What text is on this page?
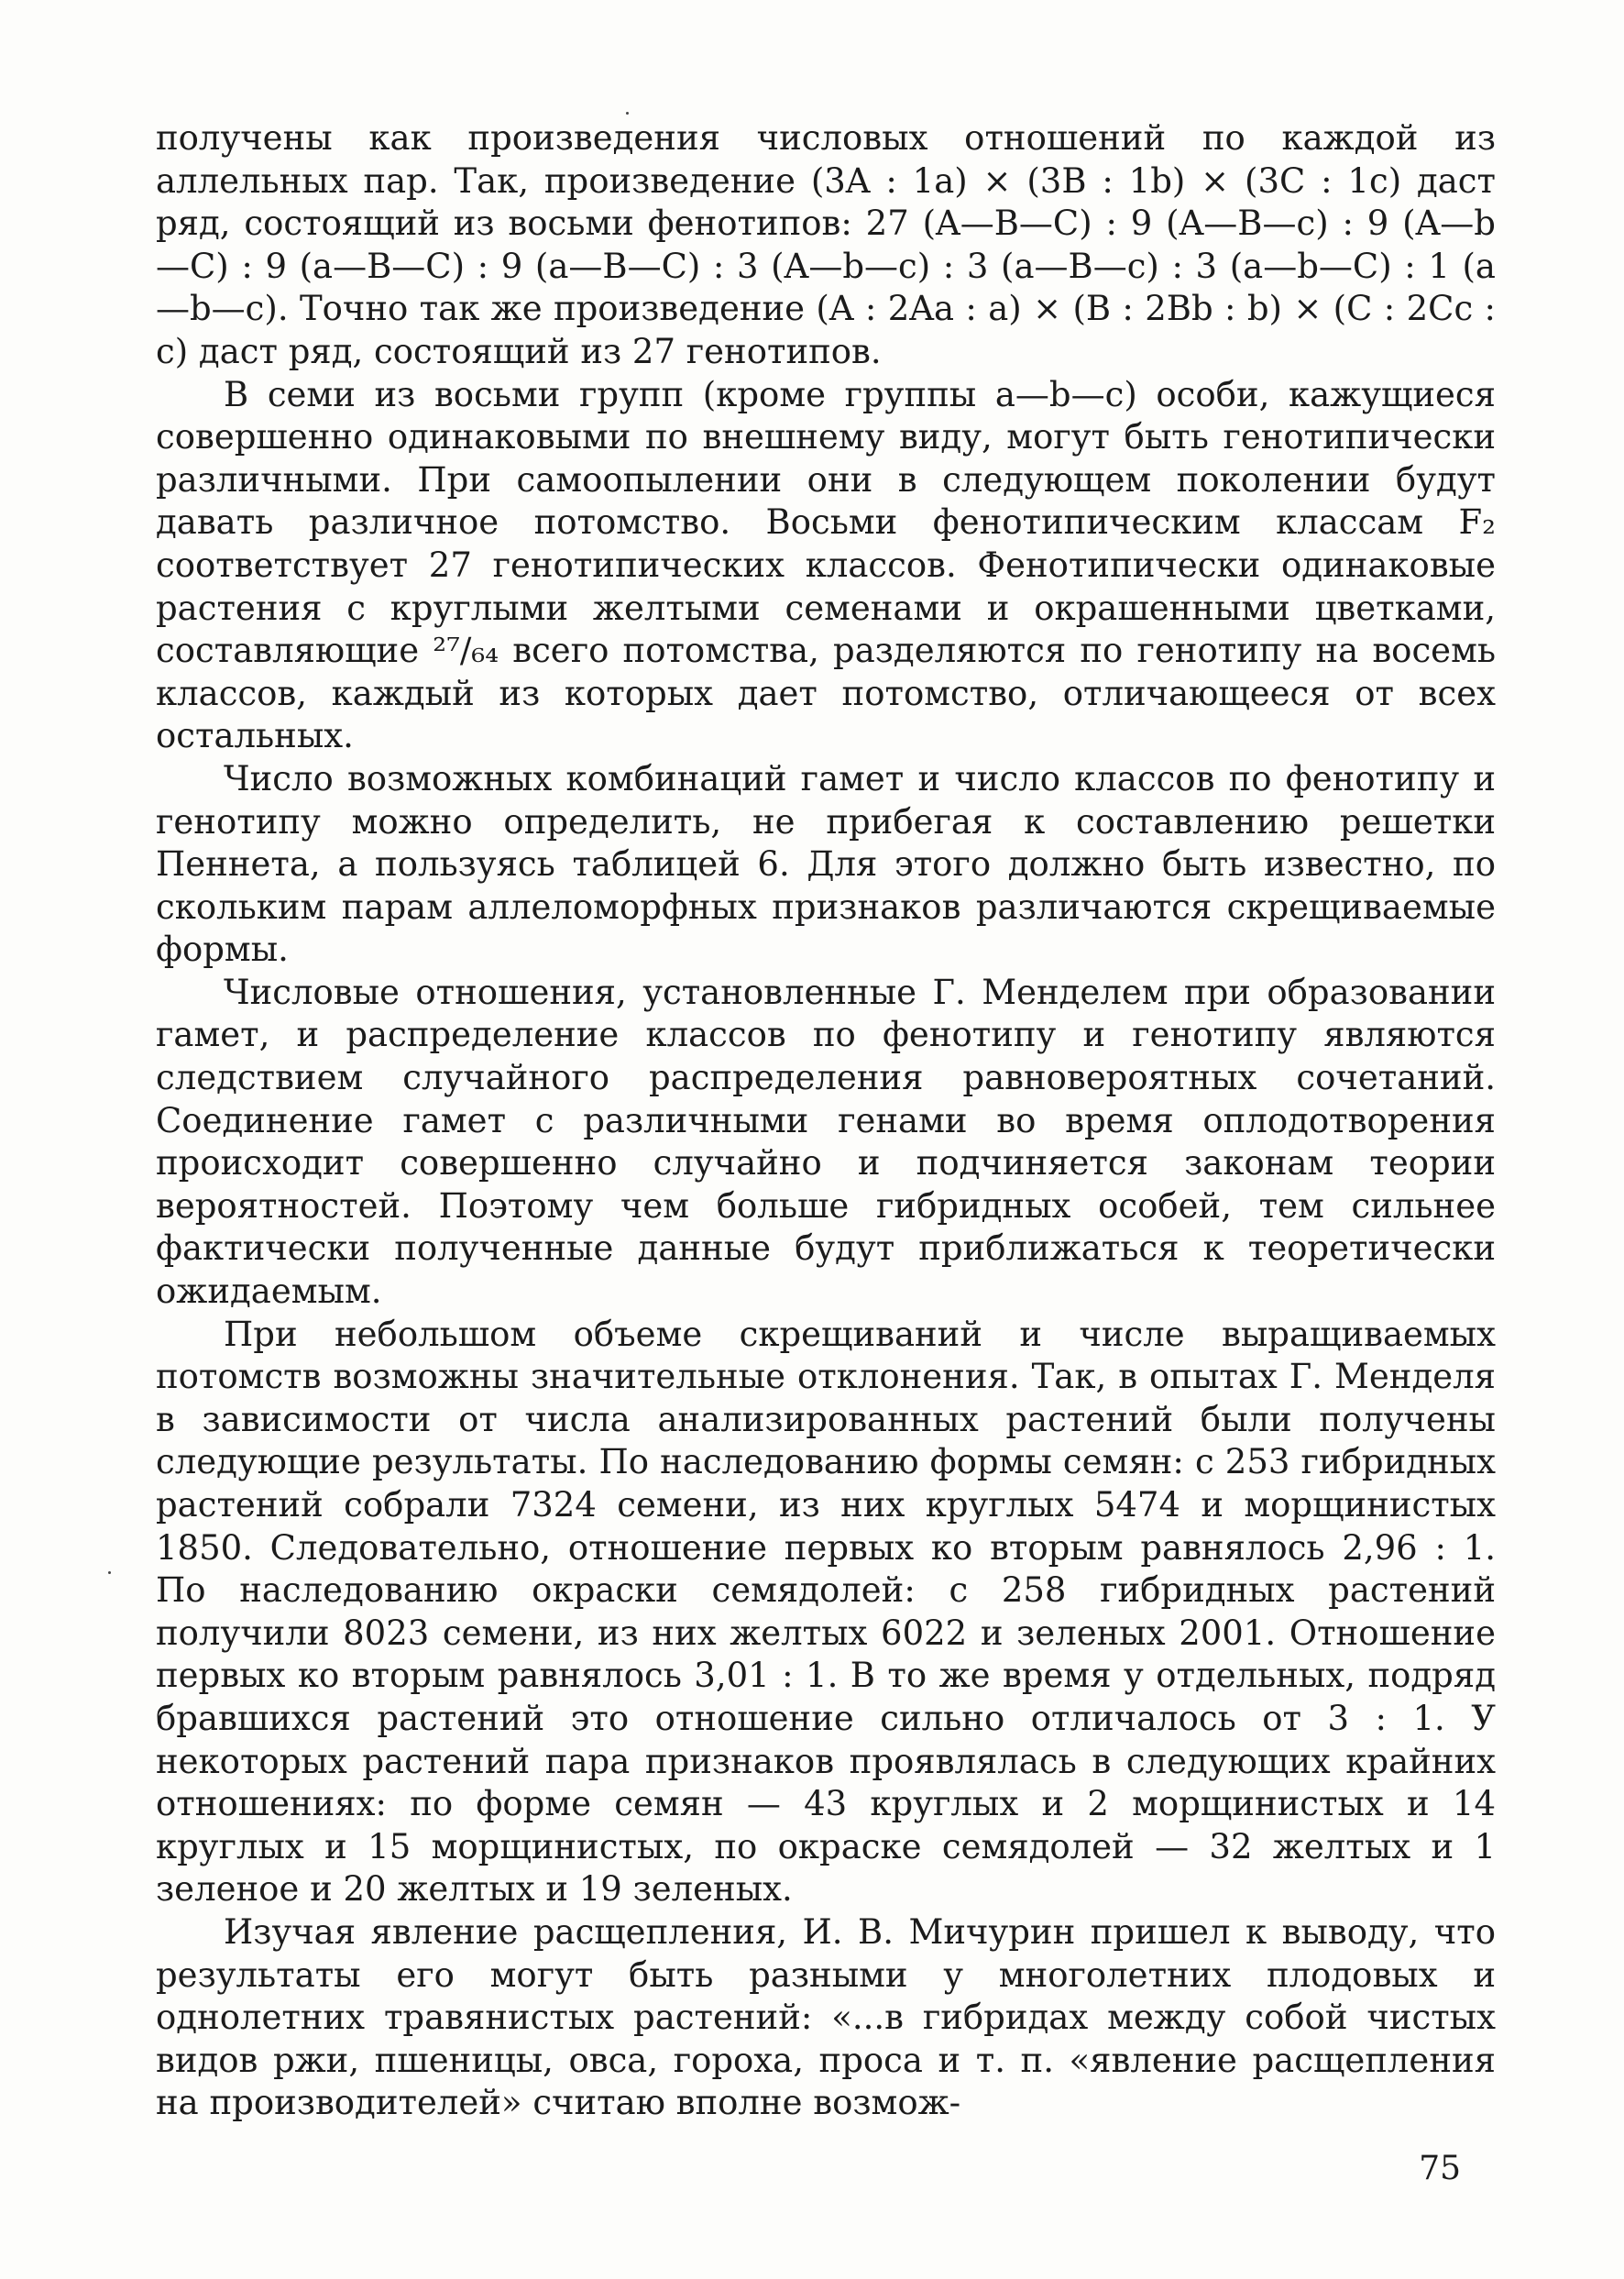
получены как произведения числовых отношений по каждой из аллельных пар. Так, произведение (3A : 1a) × (3B : 1b) × (3C : 1c) даст ряд, состоящий из восьми фенотипов: 27 (A—B—C) : 9 (A—B—c) : 9 (A—b—C) : 9 (a—B—C) : 9 (a—B—C) : 3 (A—b—c) : 3 (a—B—c) : 3 (a—b—C) : 1 (a—b—c). Точно так же произведение (A : 2Aa : a) × (B : 2Bb : b) × (C : 2Cc : c) даст ряд, состоящий из 27 генотипов.

В семи из восьми групп (кроме группы a—b—c) особи, кажущиеся совершенно одинаковыми по внешнему виду, могут быть генотипически различными. При самоопылении они в следующем поколении будут давать различное потомство. Восьми фенотипическим классам F₂ соответствует 27 генотипических классов. Фенотипически одинаковые растения с круглыми желтыми семенами и окрашенными цветками, составляющие ²⁷/₆₄ всего потомства, разделяются по генотипу на восемь классов, каждый из которых дает потомство, отличающееся от всех остальных.

Число возможных комбинаций гамет и число классов по фенотипу и генотипу можно определить, не прибегая к составлению решетки Пеннета, а пользуясь таблицей 6. Для этого должно быть известно, по скольким парам аллеломорфных признаков различаются скрещиваемые формы.

Числовые отношения, установленные Г. Менделем при образовании гамет, и распределение классов по фенотипу и генотипу являются следствием случайного распределения равновероятных сочетаний. Соединение гамет с различными генами во время оплодотворения происходит совершенно случайно и подчиняется законам теории вероятностей. Поэтому чем больше гибридных особей, тем сильнее фактически полученные данные будут приближаться к теоретически ожидаемым.

При небольшом объеме скрещиваний и числе выращиваемых потомств возможны значительные отклонения. Так, в опытах Г. Менделя в зависимости от числа анализированных растений были получены следующие результаты. По наследованию формы семян: с 253 гибридных растений собрали 7324 семени, из них круглых 5474 и морщинистых 1850. Следовательно, отношение первых ко вторым равнялось 2,96 : 1. По наследованию окраски семядолей: с 258 гибридных растений получили 8023 семени, из них желтых 6022 и зеленых 2001. Отношение первых ко вторым равнялось 3,01 : 1. В то же время у отдельных, подряд бравшихся растений это отношение сильно отличалось от 3 : 1. У некоторых растений пара признаков проявлялась в следующих крайних отношениях: по форме семян — 43 круглых и 2 морщинистых и 14 круглых и 15 морщинистых, по окраске семядолей — 32 желтых и 1 зеленое и 20 желтых и 19 зеленых.

Изучая явление расщепления, И. В. Мичурин пришел к выводу, что результаты его могут быть разными у многолетних плодовых и однолетних травянистых растений: «...в гибридах между собой чистых видов ржи, пшеницы, овса, гороха, проса и т. п. «явление расщепления на производителей» считаю вполне возмож-

75
